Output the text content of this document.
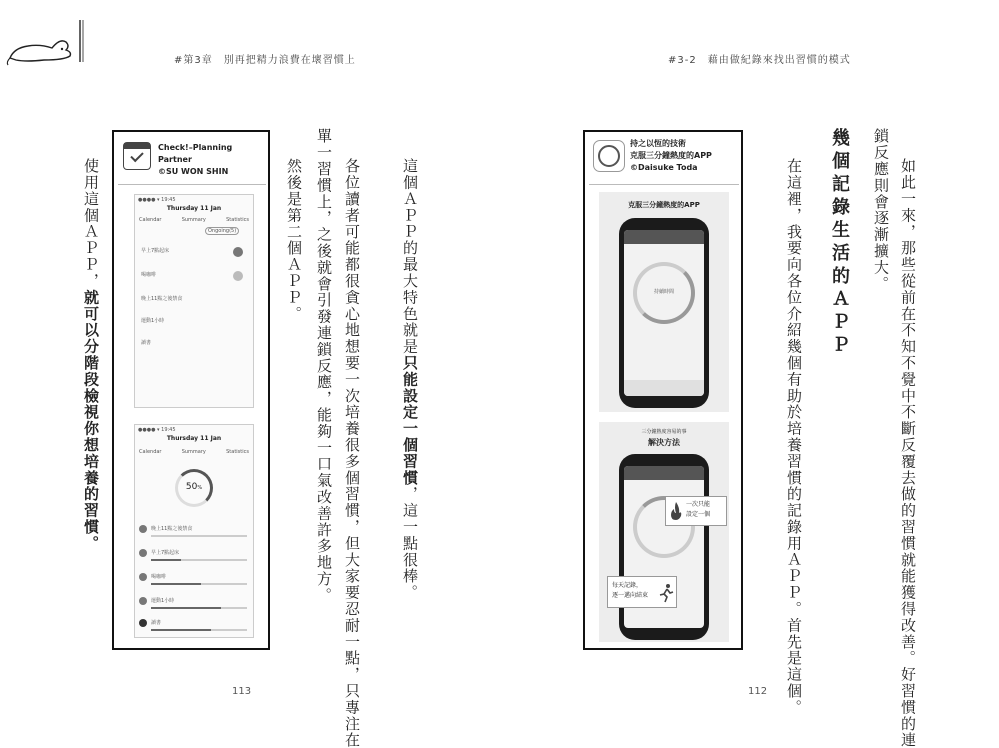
#第3章　別再把精力浪費在壞習慣上	#3-2　藉由做紀錄來找出習慣的模式
如此一來，那些從前在不知不覺中不斷反覆去做的習慣就能獲得改善。好習慣的連
鎖反應則會逐漸擴大。
幾個記錄生活的ＡＰＰ
在這裡，我要向各位介紹幾個有助於培養習慣的記錄用ＡＰＰ。首先是這個。
持之以恆的技術
克服三分鐘熱度的APP
©Daisuke Toda
克服三分鐘熱度的APP
持續時間
三分鐘熱度容易的事
解決方法
一次只能
設定一個
每天記錄，
逐一邁向結束
112
這個ＡＰＰ的最大特色就是只能設定一個習慣，這一點很棒。
各位讀者可能都很貪心地想要一次培養很多個習慣，但大家要忍耐一點，只專注在
單一習慣上，之後就會引發連鎖反應，能夠一口氣改善許多地方。
然後是第二個ＡＰＰ。
使用這個ＡＰＰ，就可以分階段檢視你想培養的習慣。
Check!–Planning Partner
©SU WON SHIN
●●●● ▾ 19:45
Thursday 11 Jan
Calendar	Summary	Statistics
Ongoing(5)
早上7點起床
喝咖啡
晚上11點之後禁食
運動1小時
讀書
●●●● ▾ 19:45
Thursday 11 Jan
Calendar	Summary	Statistics
50%
晚上11點之後禁食
早上7點起床
喝咖啡
運動1小時
讀書
113
